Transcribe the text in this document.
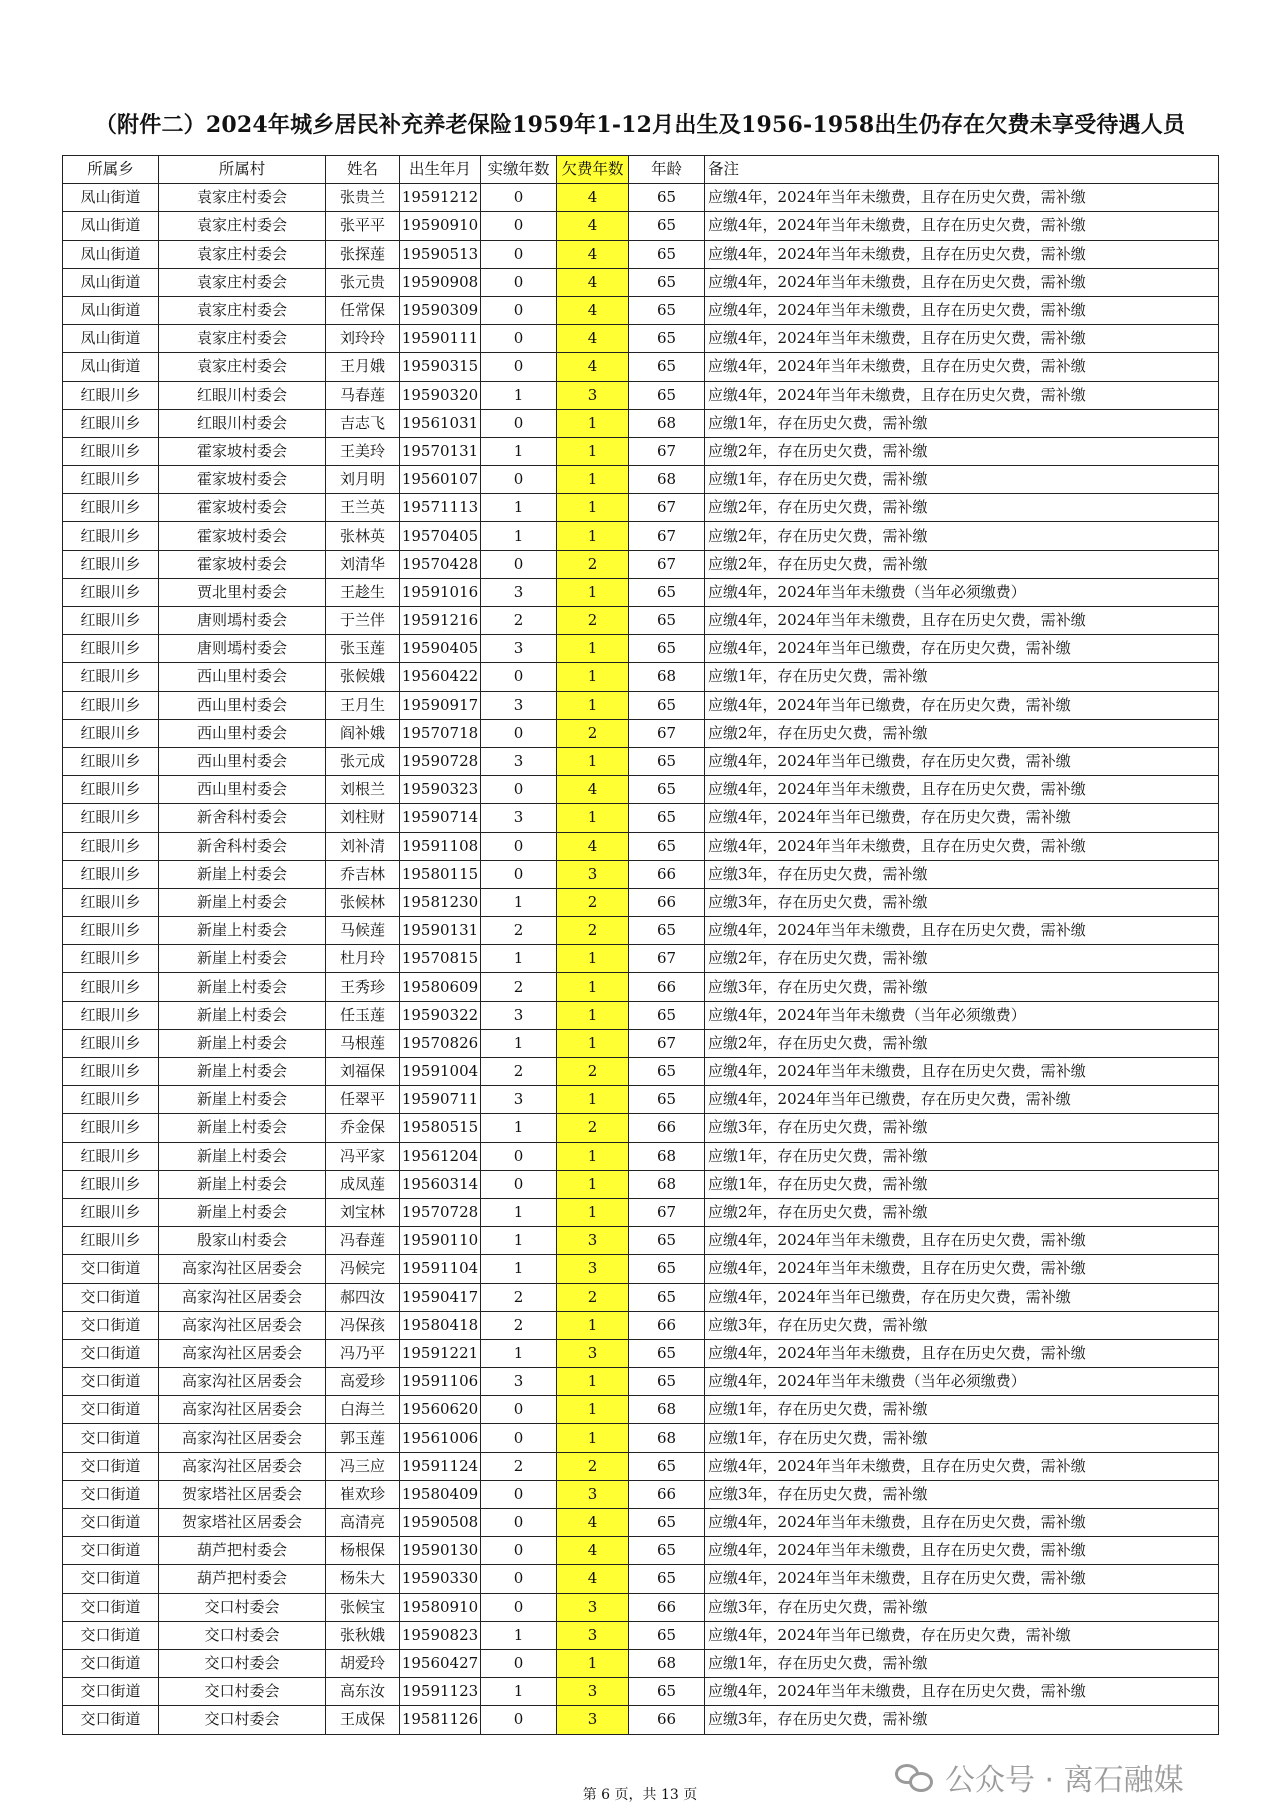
（附件二）2024年城乡居民补充养老保险1959年1-12月出生及1956-1958出生仍存在欠费未享受待遇人员
所属乡	所属村	姓名	出生年月	实缴年数	欠费年数	年龄	备注
凤山街道	袁家庄村委会	张贵兰	19591212	0	4	65	应缴4年，2024年当年未缴费，且存在历史欠费，需补缴
凤山街道	袁家庄村委会	张平平	19590910	0	4	65	应缴4年，2024年当年未缴费，且存在历史欠费，需补缴
凤山街道	袁家庄村委会	张探莲	19590513	0	4	65	应缴4年，2024年当年未缴费，且存在历史欠费，需补缴
凤山街道	袁家庄村委会	张元贵	19590908	0	4	65	应缴4年，2024年当年未缴费，且存在历史欠费，需补缴
凤山街道	袁家庄村委会	任常保	19590309	0	4	65	应缴4年，2024年当年未缴费，且存在历史欠费，需补缴
凤山街道	袁家庄村委会	刘玲玲	19590111	0	4	65	应缴4年，2024年当年未缴费，且存在历史欠费，需补缴
凤山街道	袁家庄村委会	王月娥	19590315	0	4	65	应缴4年，2024年当年未缴费，且存在历史欠费，需补缴
红眼川乡	红眼川村委会	马春莲	19590320	1	3	65	应缴4年，2024年当年未缴费，且存在历史欠费，需补缴
红眼川乡	红眼川村委会	吉志飞	19561031	0	1	68	应缴1年，存在历史欠费，需补缴
红眼川乡	霍家坡村委会	王美玲	19570131	1	1	67	应缴2年，存在历史欠费，需补缴
红眼川乡	霍家坡村委会	刘月明	19560107	0	1	68	应缴1年，存在历史欠费，需补缴
红眼川乡	霍家坡村委会	王兰英	19571113	1	1	67	应缴2年，存在历史欠费，需补缴
红眼川乡	霍家坡村委会	张林英	19570405	1	1	67	应缴2年，存在历史欠费，需补缴
红眼川乡	霍家坡村委会	刘清华	19570428	0	2	67	应缴2年，存在历史欠费，需补缴
红眼川乡	贾北里村委会	王趁生	19591016	3	1	65	应缴4年，2024年当年未缴费（当年必须缴费）
红眼川乡	唐则墕村委会	于兰伴	19591216	2	2	65	应缴4年，2024年当年未缴费，且存在历史欠费，需补缴
红眼川乡	唐则墕村委会	张玉莲	19590405	3	1	65	应缴4年，2024年当年已缴费，存在历史欠费，需补缴
红眼川乡	西山里村委会	张候娥	19560422	0	1	68	应缴1年，存在历史欠费，需补缴
红眼川乡	西山里村委会	王月生	19590917	3	1	65	应缴4年，2024年当年已缴费，存在历史欠费，需补缴
红眼川乡	西山里村委会	阎补娥	19570718	0	2	67	应缴2年，存在历史欠费，需补缴
红眼川乡	西山里村委会	张元成	19590728	3	1	65	应缴4年，2024年当年已缴费，存在历史欠费，需补缴
红眼川乡	西山里村委会	刘根兰	19590323	0	4	65	应缴4年，2024年当年未缴费，且存在历史欠费，需补缴
红眼川乡	新舍科村委会	刘柱财	19590714	3	1	65	应缴4年，2024年当年已缴费，存在历史欠费，需补缴
红眼川乡	新舍科村委会	刘补清	19591108	0	4	65	应缴4年，2024年当年未缴费，且存在历史欠费，需补缴
红眼川乡	新崖上村委会	乔吉林	19580115	0	3	66	应缴3年，存在历史欠费，需补缴
红眼川乡	新崖上村委会	张候林	19581230	1	2	66	应缴3年，存在历史欠费，需补缴
红眼川乡	新崖上村委会	马候莲	19590131	2	2	65	应缴4年，2024年当年未缴费，且存在历史欠费，需补缴
红眼川乡	新崖上村委会	杜月玲	19570815	1	1	67	应缴2年，存在历史欠费，需补缴
红眼川乡	新崖上村委会	王秀珍	19580609	2	1	66	应缴3年，存在历史欠费，需补缴
红眼川乡	新崖上村委会	任玉莲	19590322	3	1	65	应缴4年，2024年当年未缴费（当年必须缴费）
红眼川乡	新崖上村委会	马根莲	19570826	1	1	67	应缴2年，存在历史欠费，需补缴
红眼川乡	新崖上村委会	刘福保	19591004	2	2	65	应缴4年，2024年当年未缴费，且存在历史欠费，需补缴
红眼川乡	新崖上村委会	任翠平	19590711	3	1	65	应缴4年，2024年当年已缴费，存在历史欠费，需补缴
红眼川乡	新崖上村委会	乔金保	19580515	1	2	66	应缴3年，存在历史欠费，需补缴
红眼川乡	新崖上村委会	冯平家	19561204	0	1	68	应缴1年，存在历史欠费，需补缴
红眼川乡	新崖上村委会	成凤莲	19560314	0	1	68	应缴1年，存在历史欠费，需补缴
红眼川乡	新崖上村委会	刘宝林	19570728	1	1	67	应缴2年，存在历史欠费，需补缴
红眼川乡	殷家山村委会	冯春莲	19590110	1	3	65	应缴4年，2024年当年未缴费，且存在历史欠费，需补缴
交口街道	高家沟社区居委会	冯候完	19591104	1	3	65	应缴4年，2024年当年未缴费，且存在历史欠费，需补缴
交口街道	高家沟社区居委会	郝四汝	19590417	2	2	65	应缴4年，2024年当年已缴费，存在历史欠费，需补缴
交口街道	高家沟社区居委会	冯保孩	19580418	2	1	66	应缴3年，存在历史欠费，需补缴
交口街道	高家沟社区居委会	冯乃平	19591221	1	3	65	应缴4年，2024年当年未缴费，且存在历史欠费，需补缴
交口街道	高家沟社区居委会	高爱珍	19591106	3	1	65	应缴4年，2024年当年未缴费（当年必须缴费）
交口街道	高家沟社区居委会	白海兰	19560620	0	1	68	应缴1年，存在历史欠费，需补缴
交口街道	高家沟社区居委会	郭玉莲	19561006	0	1	68	应缴1年，存在历史欠费，需补缴
交口街道	高家沟社区居委会	冯三应	19591124	2	2	65	应缴4年，2024年当年未缴费，且存在历史欠费，需补缴
交口街道	贺家塔社区居委会	崔欢珍	19580409	0	3	66	应缴3年，存在历史欠费，需补缴
交口街道	贺家塔社区居委会	高清亮	19590508	0	4	65	应缴4年，2024年当年未缴费，且存在历史欠费，需补缴
交口街道	葫芦把村委会	杨根保	19590130	0	4	65	应缴4年，2024年当年未缴费，且存在历史欠费，需补缴
交口街道	葫芦把村委会	杨朱大	19590330	0	4	65	应缴4年，2024年当年未缴费，且存在历史欠费，需补缴
交口街道	交口村委会	张候宝	19580910	0	3	66	应缴3年，存在历史欠费，需补缴
交口街道	交口村委会	张秋娥	19590823	1	3	65	应缴4年，2024年当年已缴费，存在历史欠费，需补缴
交口街道	交口村委会	胡爱玲	19560427	0	1	68	应缴1年，存在历史欠费，需补缴
交口街道	交口村委会	高东汝	19591123	1	3	65	应缴4年，2024年当年未缴费，且存在历史欠费，需补缴
交口街道	交口村委会	王成保	19581126	0	3	66	应缴3年，存在历史欠费，需补缴
公众号 · 离石融媒
第 6 页，共 13 页
